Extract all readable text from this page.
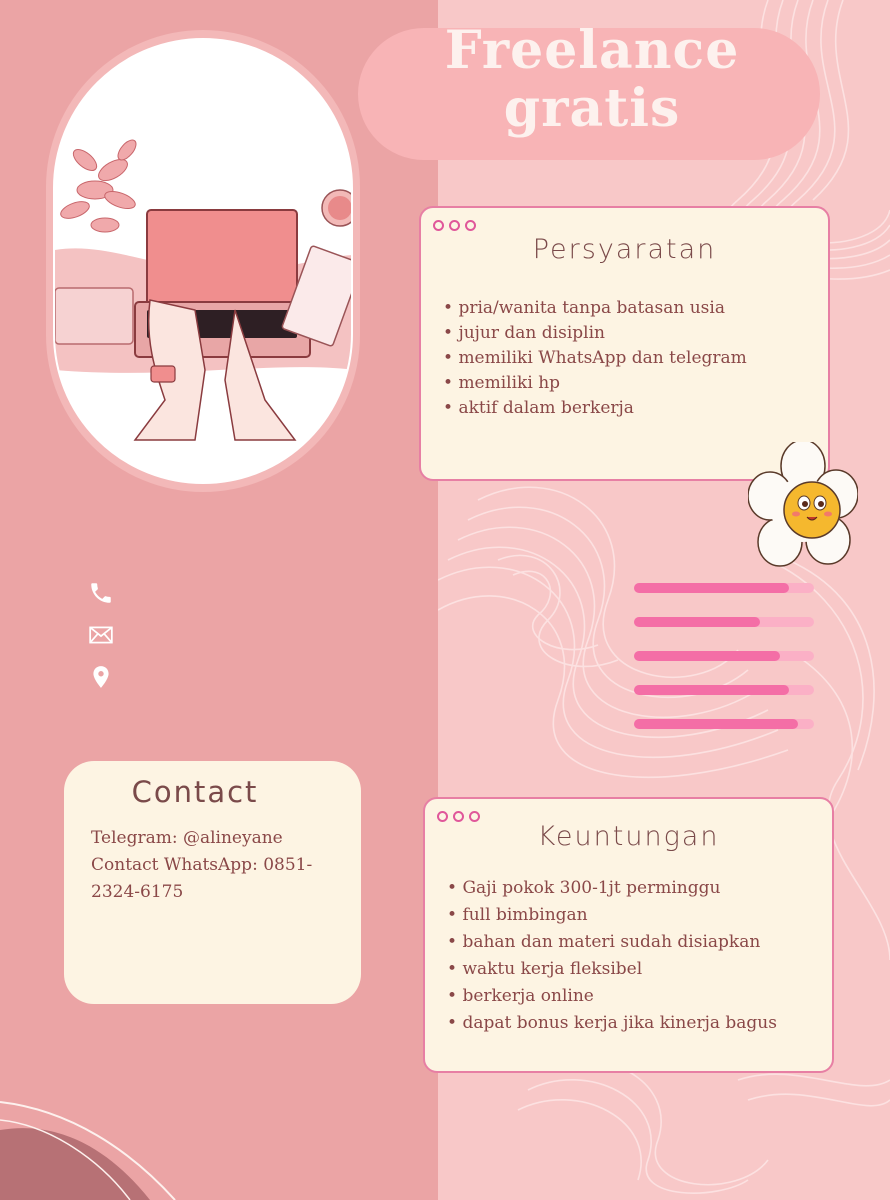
Freelance
gratis
Persyaratan
• pria/wanita tanpa batasan usia
• jujur dan disiplin
• memiliki WhatsApp dan telegram
• memiliki hp
• aktif dalam berkerja
Contact
Telegram: @alineyane
Contact WhatsApp: 0851-
2324-6175
Keuntungan
• Gaji pokok 300-1jt perminggu
• full bimbingan
• bahan dan materi sudah disiapkan
• waktu kerja fleksibel
• berkerja online
• dapat bonus kerja jika kinerja bagus
